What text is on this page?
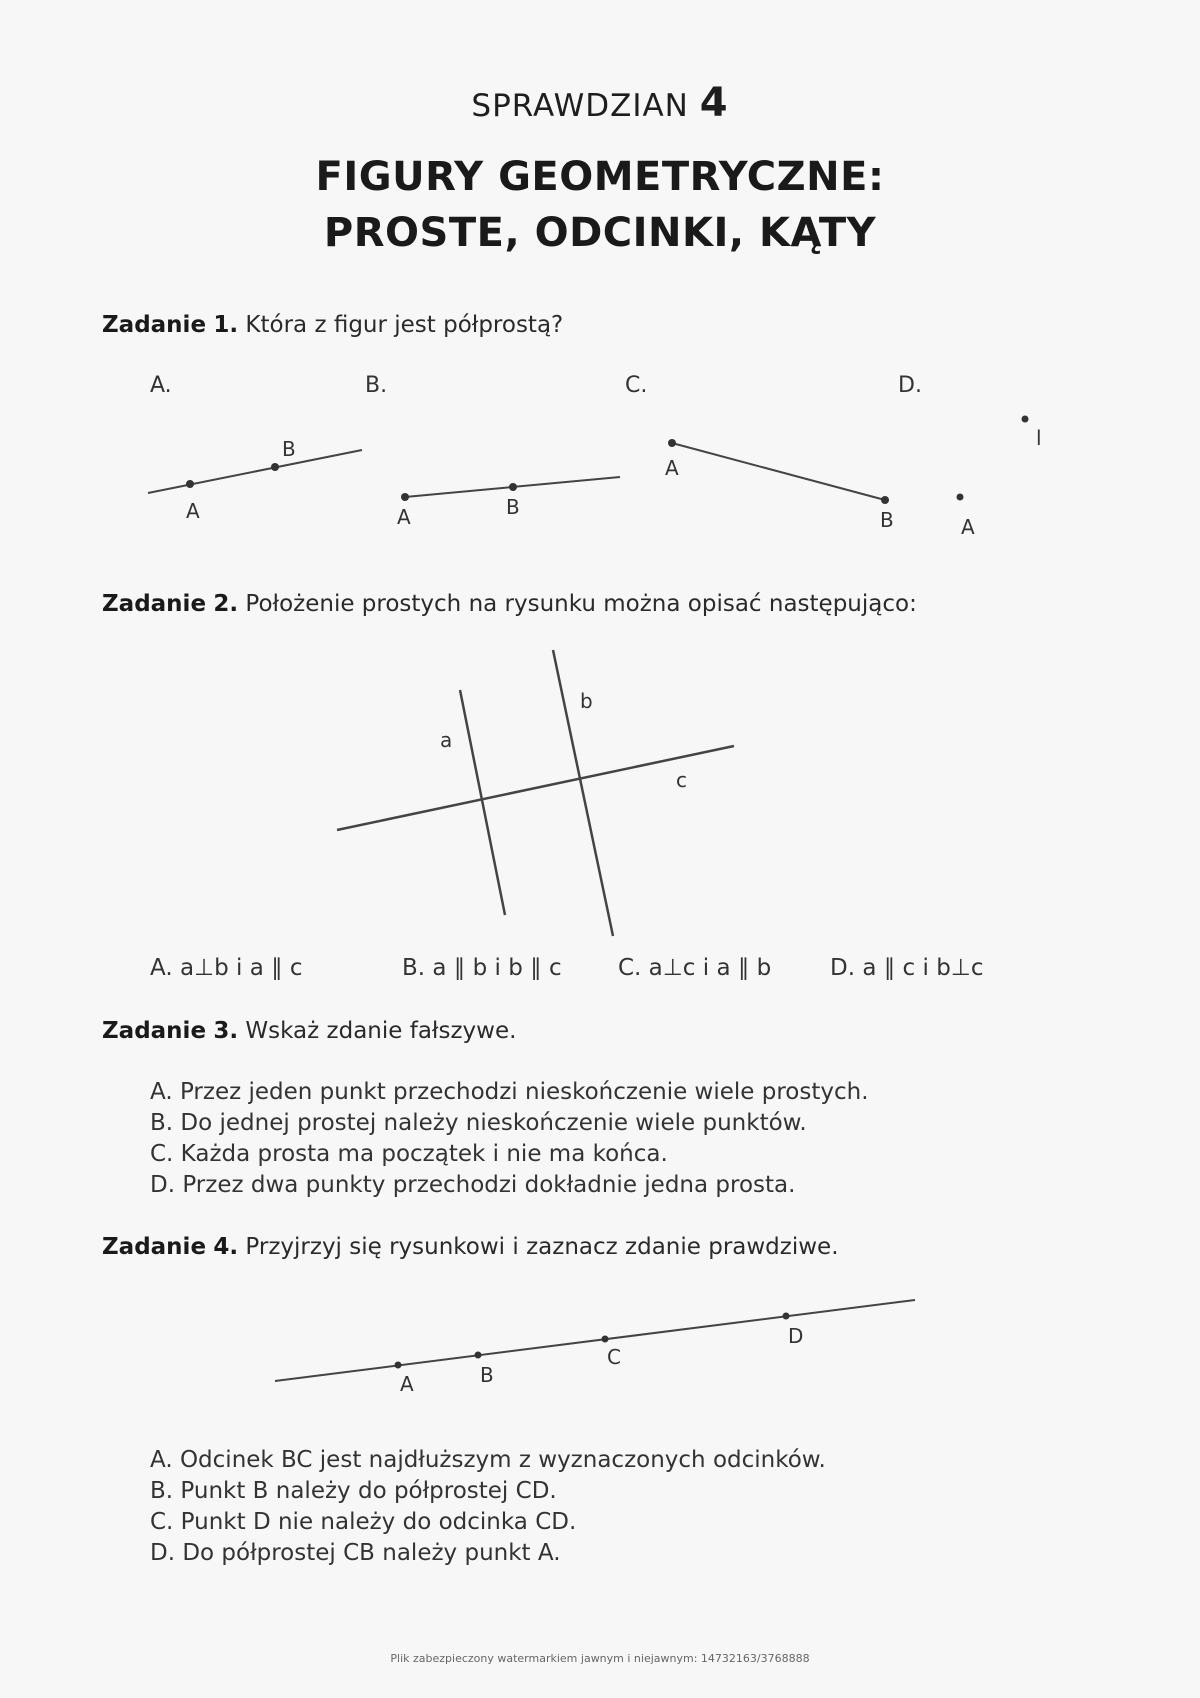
SPRAWDZIAN 4
FIGURY GEOMETRYCZNE:
PROSTE, ODCINKI, KĄTY
Zadanie 1. Która z figur jest półprostą?
A.	B.	C.	D.
B
A	A	B
A
B
l
A
Zadanie 2. Położenie prostych na rysunku można opisać następująco:
a
b
c
A. a⊥b i a ∥ c	B. a ∥ b i b ∥ c C. a⊥c i a ∥ b	D. a ∥ c i b⊥c
Zadanie 3. Wskaż zdanie fałszywe.
A. Przez jeden punkt przechodzi nieskończenie wiele prostych.
B. Do jednej prostej należy nieskończenie wiele punktów.
C. Każda prosta ma początek i nie ma końca.
D. Przez dwa punkty przechodzi dokładnie jedna prosta.
Zadanie 4. Przyjrzyj się rysunkowi i zaznacz zdanie prawdziwe.
A	B
C
D
A. Odcinek BC jest najdłuższym z wyznaczonych odcinków.
B. Punkt B należy do półprostej CD.
C. Punkt D nie należy do odcinka CD.
D. Do półprostej CB należy punkt A.
Plik zabezpieczony watermarkiem jawnym i niejawnym: 14732163/3768888
